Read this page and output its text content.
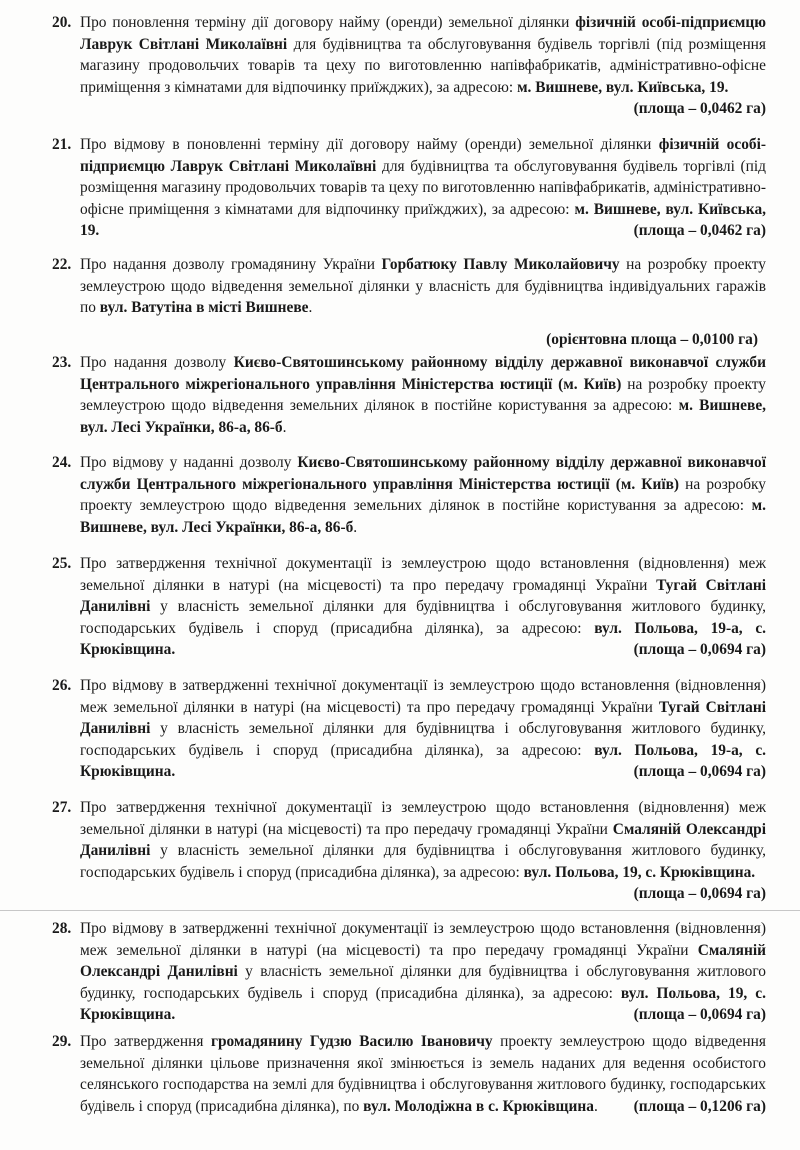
20. Про поновлення терміну дії договору найму (оренди) земельної ділянки фізичній особі-підприємцю Лаврук Світлані Миколаївні для будівництва та обслуговування будівель торгівлі (під розміщення магазину продовольчих товарів та цеху по виготовленню напівфабрикатів, адміністративно-офісне приміщення з кімнатами для відпочинку приїжджих), за адресою: м. Вишневе, вул. Київська, 19.
(площа – 0,0462 га)
21. Про відмову в поновленні терміну дії договору найму (оренди) земельної ділянки фізичній особі-підприємцю Лаврук Світлані Миколаївні для будівництва та обслуговування будівель торгівлі (під розміщення магазину продовольчих товарів та цеху по виготовленню напівфабрикатів, адміністративно-офісне приміщення з кімнатами для відпочинку приїжджих), за адресою: м. Вишневе, вул. Київська, 19.	(площа – 0,0462 га)
22. Про надання дозволу громадянину України Горбатюку Павлу Миколайовичу на розробку проекту землеустрою щодо відведення земельної ділянки у власність для будівництва індивідуальних гаражів по вул. Ватутіна в місті Вишневе.
(орієнтовна площа – 0,0100 га)
23. Про надання дозволу Києво-Святошинському районному відділу державної виконавчої служби Центрального міжрегіонального управління Міністерства юстиції (м. Київ) на розробку проекту землеустрою щодо відведення земельних ділянок в постійне користування за адресою: м. Вишневе, вул. Лесі Українки, 86-а, 86-б.
24. Про відмову у наданні дозволу Києво-Святошинському районному відділу державної виконавчої служби Центрального міжрегіонального управління Міністерства юстиції (м. Київ) на розробку проекту землеустрою щодо відведення земельних ділянок в постійне користування за адресою: м. Вишневе, вул. Лесі Українки, 86-а, 86-б.
25. Про затвердження технічної документації із землеустрою щодо встановлення (відновлення) меж земельної ділянки в натурі (на місцевості) та про передачу громадянці України Тугай Світлані Данилівні у власність земельної ділянки для будівництва і обслуговування житлового будинку, господарських будівель і споруд (присадибна ділянка), за адресою: вул. Польова, 19-а, с. Крюківщина.	(площа – 0,0694 га)
26. Про відмову в затвердженні технічної документації із землеустрою щодо встановлення (відновлення) меж земельної ділянки в натурі (на місцевості) та про передачу громадянці України Тугай Світлані Данилівні у власність земельної ділянки для будівництва і обслуговування житлового будинку, господарських будівель і споруд (присадибна ділянка), за адресою: вул. Польова, 19-а, с. Крюківщина.	(площа – 0,0694 га)
27. Про затвердження технічної документації із землеустрою щодо встановлення (відновлення) меж земельної ділянки в натурі (на місцевості) та про передачу громадянці України Смаляній Олександрі Данилівні у власність земельної ділянки для будівництва і обслуговування житлового будинку, господарських будівель і споруд (присадибна ділянка), за адресою: вул. Польова, 19, с. Крюківщина.
(площа – 0,0694 га)
28. Про відмову в затвердженні технічної документації із землеустрою щодо встановлення (відновлення) меж земельної ділянки в натурі (на місцевості) та про передачу громадянці України Смаляній Олександрі Данилівні у власність земельної ділянки для будівництва і обслуговування житлового будинку, господарських будівель і споруд (присадибна ділянка), за адресою: вул. Польова, 19, с. Крюківщина.	(площа – 0,0694 га)
29. Про затвердження громадянину Гудзю Василю Івановичу проекту землеустрою щодо відведення земельної ділянки цільове призначення якої змінюється із земель наданих для ведення особистого селянського господарства на землі для будівництва і обслуговування житлового будинку, господарських будівель і споруд (присадибна ділянка), по вул. Молодіжна в с. Крюківщина. (площа – 0,1206 га)
